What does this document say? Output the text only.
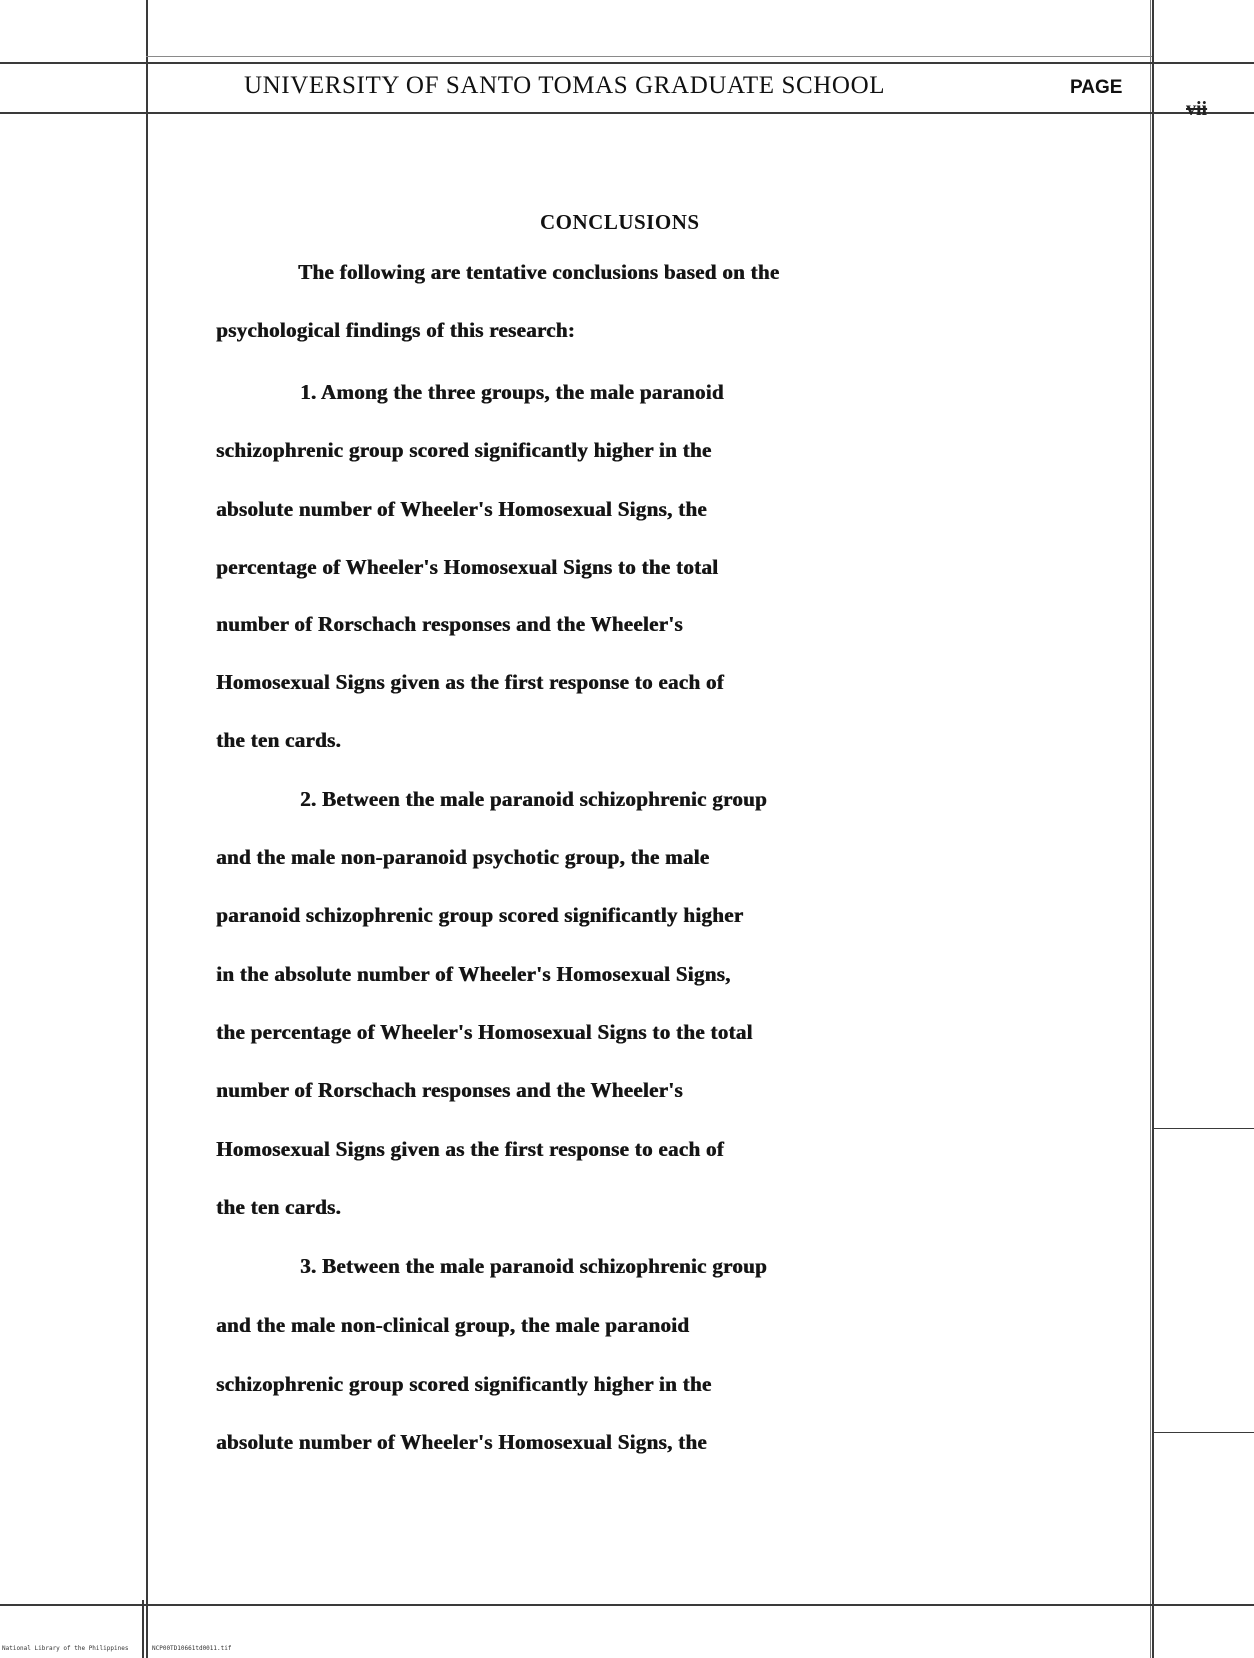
UNIVERSITY OF SANTO TOMAS GRADUATE SCHOOL	PAGE
vii
CONCLUSIONS
The following are tentative conclusions based on the
psychological findings of this research:
1. Among the three groups, the male paranoid
schizophrenic group scored significantly higher in the
absolute number of Wheeler's Homosexual Signs, the
percentage of Wheeler's Homosexual Signs to the total
number of Rorschach responses and the Wheeler's
Homosexual Signs given as the first response to each of
the ten cards.
2. Between the male paranoid schizophrenic group
and the male non-paranoid psychotic group, the male
paranoid schizophrenic group scored significantly higher
in the absolute number of Wheeler's Homosexual Signs,
the percentage of Wheeler's Homosexual Signs to the total
number of Rorschach responses and the Wheeler's
Homosexual Signs given as the first response to each of
the ten cards.
3. Between the male paranoid schizophrenic group
and the male non-clinical group, the male paranoid
schizophrenic group scored significantly higher in the
absolute number of Wheeler's Homosexual Signs, the
National Library of the Philippines	NCP00TD10661td0011.tif
